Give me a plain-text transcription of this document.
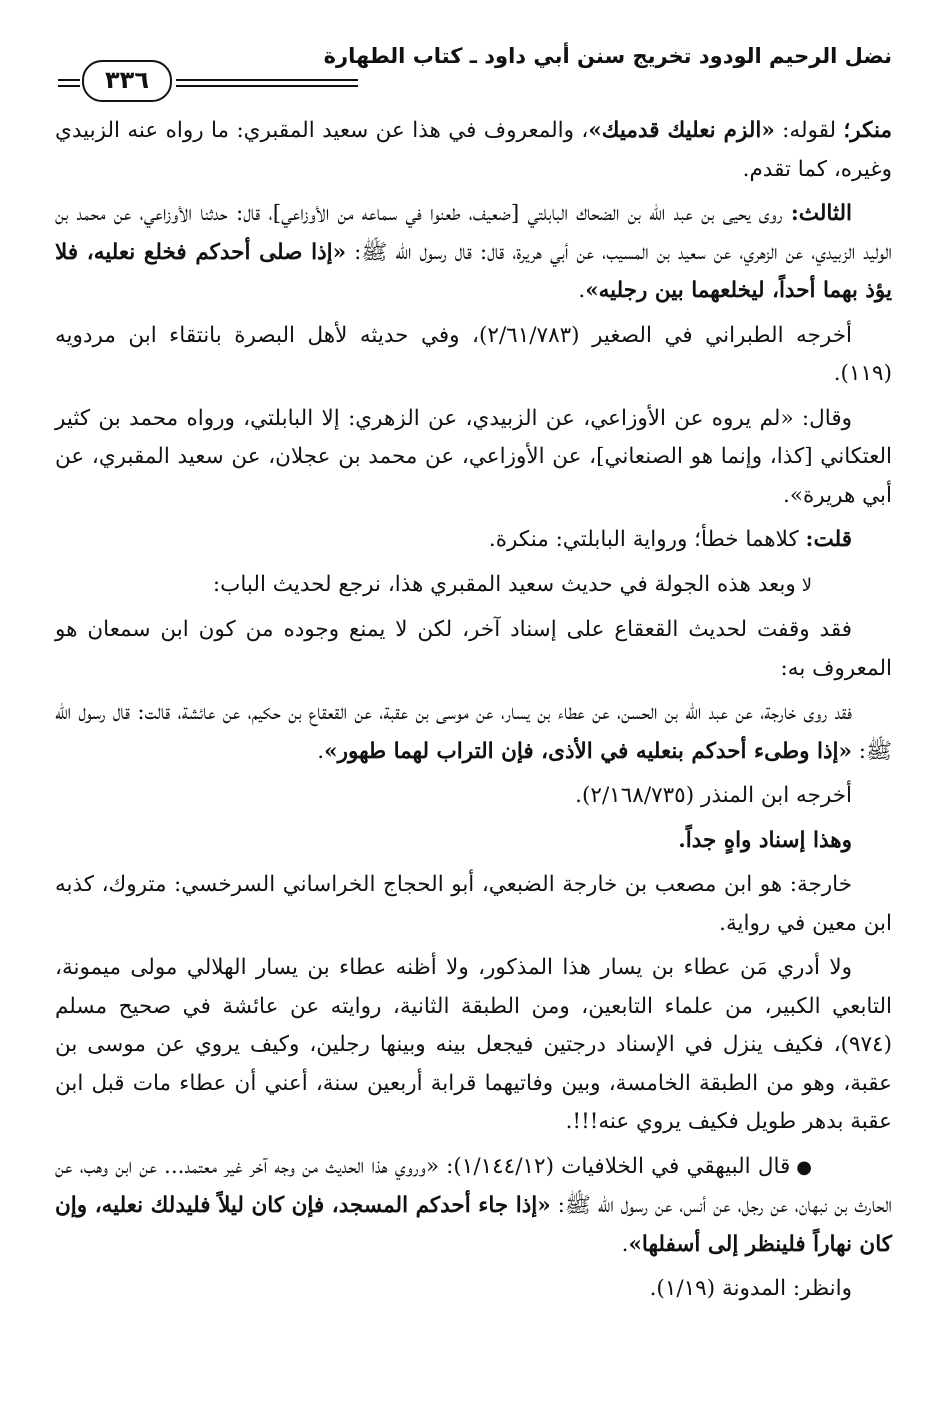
نضل الرحيم الودود تخريج سنن أبي داود ـ كتاب الطهارة
٣٣٦

منكر؛ لقوله: «الزم نعليك قدميك»، والمعروف في هذا عن سعيد المقبري: ما رواه عنه الزبيدي وغيره، كما تقدم.

الثالث: روى يحيى بن عبد الله بن الضحاك البابلتي [ضعيف، طعنوا في سماعه من الأوزاعي]، قال: حدثنا الأوزاعي، عن محمد بن الوليد الزبيدي، عن الزهري، عن سعيد بن المسيب، عن أبي هريرة، قال: قال رسول الله ﷺ: «إذا صلى أحدكم فخلع نعليه، فلا يؤذ بهما أحداً، ليخلعهما بين رجليه».

أخرجه الطبراني في الصغير (٢/٦١/٧٨٣)، وفي حديثه لأهل البصرة بانتقاء ابن مردويه (١١٩).

وقال: «لم يروه عن الأوزاعي، عن الزبيدي، عن الزهري: إلا البابلتي، ورواه محمد بن كثير العتكاني [كذا، وإنما هو الصنعاني]، عن الأوزاعي، عن محمد بن عجلان، عن سعيد المقبري، عن أبي هريرة».

قلت: كلاهما خطأ؛ ورواية البابلتي: منكرة.

ﻻوبعد هذه الجولة في حديث سعيد المقبري هذا، نرجع لحديث الباب:

فقد وقفت لحديث القعقاع على إسناد آخر، لكن لا يمنع وجوده من كون ابن سمعان هو المعروف به:

فقد روى خارجة، عن عبد الله بن الحسن، عن عطاء بن يسار، عن موسى بن عقبة، عن القعقاع بن حكيم، عن عائشة، قالت: قال رسول الله ﷺ: «إذا وطىء أحدكم بنعليه في الأذى، فإن التراب لهما طهور».

أخرجه ابن المنذر (٢/١٦٨/٧٣٥).

وهذا إسناد واهٍ جداً.

خارجة: هو ابن مصعب بن خارجة الضبعي، أبو الحجاج الخراساني السرخسي: متروك، كذبه ابن معين في رواية.

ولا أدري مَن عطاء بن يسار هذا المذكور، ولا أظنه عطاء بن يسار الهلالي مولى ميمونة، التابعي الكبير، من علماء التابعين، ومن الطبقة الثانية، روايته عن عائشة في صحيح مسلم (٩٧٤)، فكيف ينزل في الإسناد درجتين فيجعل بينه وبينها رجلين، وكيف يروي عن موسى بن عقبة، وهو من الطبقة الخامسة، وبين وفاتيهما قرابة أربعين سنة، أعني أن عطاء مات قبل ابن عقبة بدهر طويل فكيف يروي عنه!!!.

●قال البيهقي في الخلافيات (١/١٤٤/١٢): «وروي هذا الحديث من وجه آخر غير معتمد... عن ابن وهب، عن الحارث بن نبهان، عن رجل، عن أنس، عن رسول الله ﷺ: «إذا جاء أحدكم المسجد، فإن كان ليلاً فليدلك نعليه، وإن كان نهاراً فلينظر إلى أسفلها».

وانظر: المدونة (١/١٩).
